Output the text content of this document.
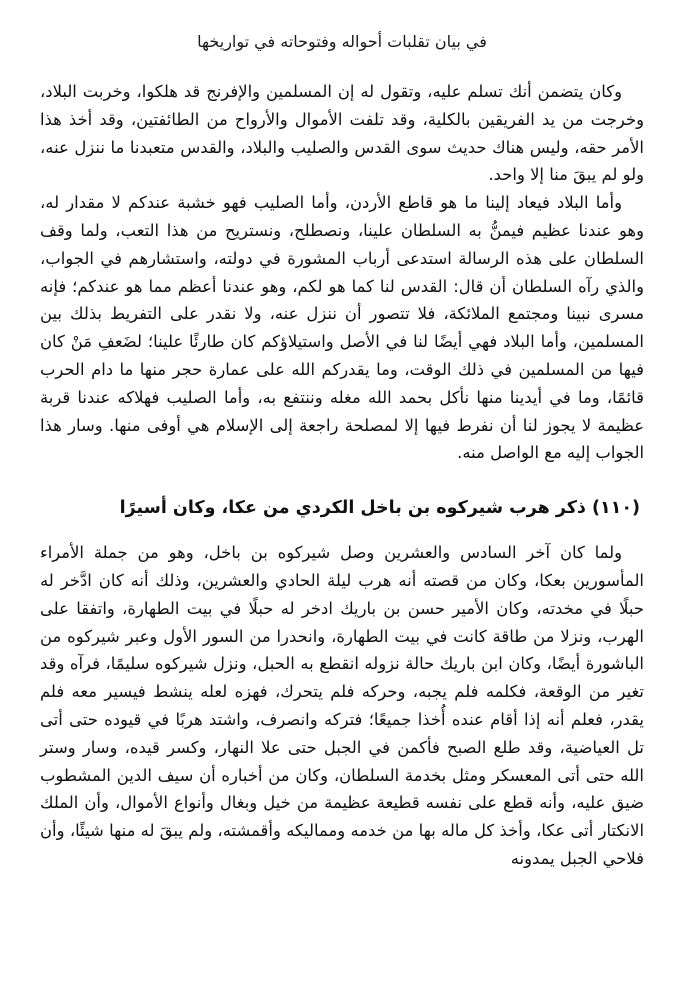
في بيان تقلبات أحواله وفتوحاته في تواريخها

وكان يتضمن أنك تسلم عليه، وتقول له إن المسلمين والإفرنج قد هلكوا، وخربت البلاد، وخرجت من يد الفريقين بالكلية، وقد تلفت الأموال والأرواح من الطائفتين، وقد أخذ هذا الأمر حقه، وليس هناك حديث سوى القدس والصليب والبلاد، والقدس متعبدنا ما ننزل عنه، ولو لم يبقَ منا إلا واحد.

وأما البلاد فيعاد إلينا ما هو قاطع الأردن، وأما الصليب فهو خشبة عندكم لا مقدار له، وهو عندنا عظيم فيمنُّ به السلطان علينا، ونصطلح، ونستريح من هذا التعب، ولما وقف السلطان على هذه الرسالة استدعى أرباب المشورة في دولته، واستشارهم في الجواب، والذي رآه السلطان أن قال: القدس لنا كما هو لكم، وهو عندنا أعظم مما هو عندكم؛ فإنه مسرى نبينا ومجتمع الملائكة، فلا تتصور أن ننزل عنه، ولا نقدر على التفريط بذلك بين المسلمين، وأما البلاد فهي أيضًا لنا في الأصل واستيلاؤكم كان طارئًا علينا؛ لضَعفِ مَنْ كان فيها من المسلمين في ذلك الوقت، وما يقدركم الله على عمارة حجر منها ما دام الحرب قائمًا، وما في أيدينا منها نأكل بحمد الله مغله وننتفع به، وأما الصليب فهلاكه عندنا قربة عظيمة لا يجوز لنا أن نفرط فيها إلا لمصلحة راجعة إلى الإسلام هي أوفى منها. وسار هذا الجواب إليه مع الواصل منه.

(١١٠) ذكر هرب شيركوه بن باخل الكردي من عكا، وكان أسيرًا

ولما كان آخر السادس والعشرين وصل شيركوه بن باخل، وهو من جملة الأمراء المأسورين بعكا، وكان من قصته أنه هرب ليلة الحادي والعشرين، وذلك أنه كان ادَّخر له حبلًا في مخدته، وكان الأمير حسن بن باريك ادخر له حبلًا في بيت الطهارة، واتفقا على الهرب، ونزلا من طاقة كانت في بيت الطهارة، وانحدرا من السور الأول وعبر شيركوه من الباشورة أيضًا، وكان ابن باريك حالة نزوله انقطع به الحبل، ونزل شيركوه سليمًا، فرآه وقد تغير من الوقعة، فكلمه فلم يجبه، وحركه فلم يتحرك، فهزه لعله ينشط فيسير معه فلم يقدر، فعلم أنه إذا أقام عنده أُخذا جميعًا؛ فتركه وانصرف، واشتد هربًا في قيوده حتى أتى تل العياضية، وقد طلع الصبح فأكمن في الجبل حتى علا النهار، وكسر قيده، وسار وستر الله حتى أتى المعسكر ومثل بخدمة السلطان، وكان من أخباره أن سيف الدين المشطوب ضيق عليه، وأنه قطع على نفسه قطيعة عظيمة من خيل وبغال وأنواع الأموال، وأن الملك الانكتار أتى عكا، وأخذ كل ماله بها من خدمه ومماليكه وأقمشته، ولم يبقَ له منها شيئًا، وأن فلاحي الجبل يمدونه
